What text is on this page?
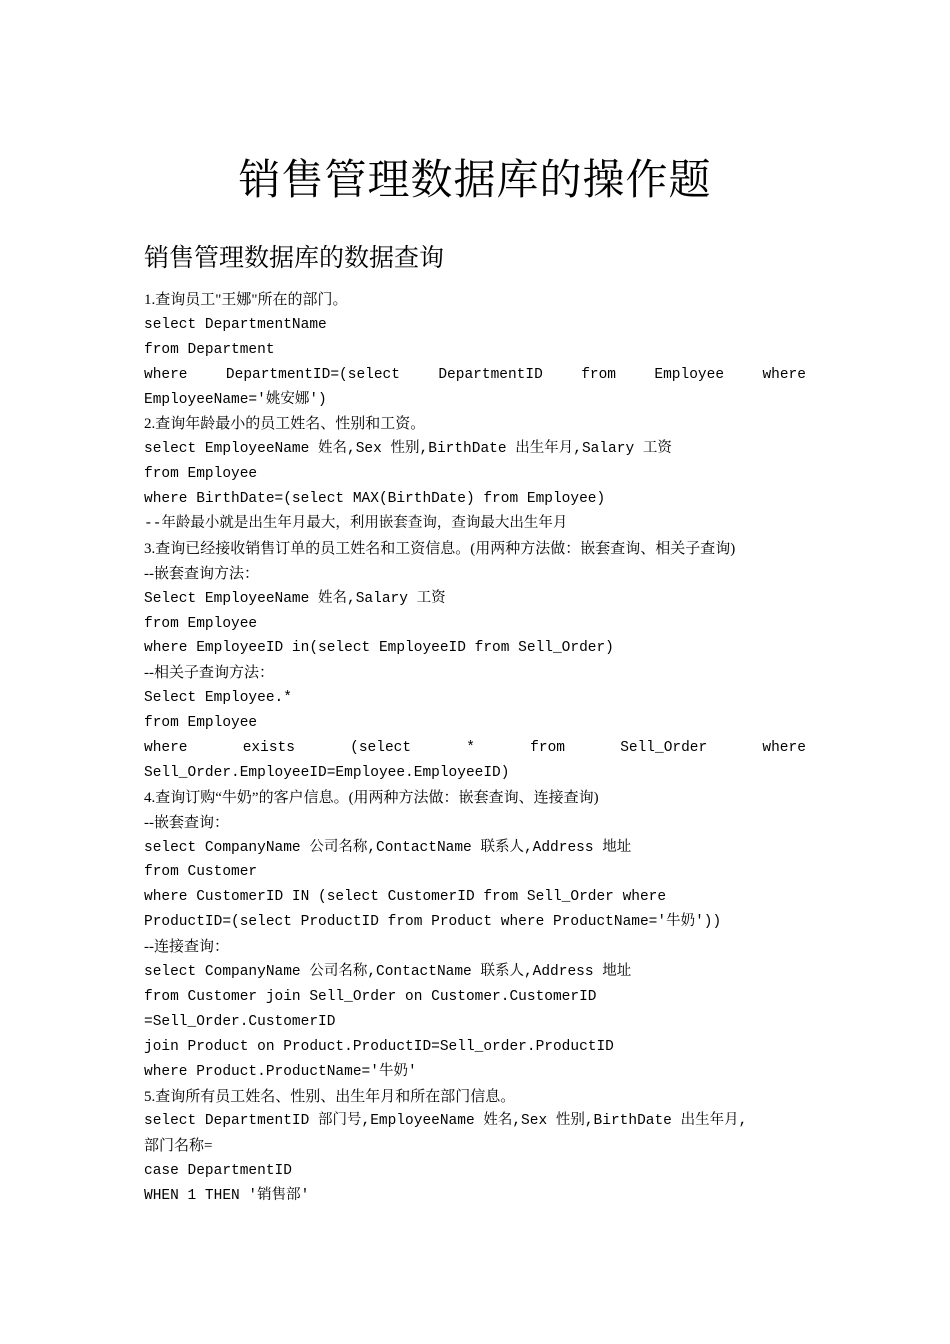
销售管理数据库的操作题
销售管理数据库的数据查询
1.查询员工"王娜"所在的部门。
select DepartmentName
from Department
where	DepartmentID=(select	DepartmentID	from	Employee	where
EmployeeName='姚安娜')
2.查询年龄最小的员工姓名、性别和工资。
select EmployeeName 姓名,Sex 性别,BirthDate 出生年月,Salary 工资
from Employee
where BirthDate=(select MAX(BirthDate) from Employee)
--年龄最小就是出生年月最大，利用嵌套查询，查询最大出生年月
3.查询已经接收销售订单的员工姓名和工资信息。(用两种方法做：嵌套查询、相关子查询)
--嵌套查询方法：
Select EmployeeName 姓名,Salary 工资
from Employee
where EmployeeID in(select EmployeeID from Sell_Order)
--相关子查询方法：
Select Employee.*
from Employee
where	exists	(select	*	from	Sell_Order	where
Sell_Order.EmployeeID=Employee.EmployeeID)
4.查询订购“牛奶”的客户信息。(用两种方法做：嵌套查询、连接查询)
--嵌套查询：
select CompanyName 公司名称,ContactName 联系人,Address 地址
from Customer
where CustomerID IN (select CustomerID from Sell_Order where
ProductID=(select ProductID from Product where ProductName='牛奶'))
--连接查询：
select CompanyName 公司名称,ContactName 联系人,Address 地址
from Customer join Sell_Order on Customer.CustomerID
=Sell_Order.CustomerID
join Product on Product.ProductID=Sell_order.ProductID
where Product.ProductName='牛奶'
5.查询所有员工姓名、性别、出生年月和所在部门信息。
select DepartmentID 部门号,EmployeeName 姓名,Sex 性别,BirthDate 出生年月,
部门名称=
case DepartmentID
WHEN 1 THEN '销售部'
